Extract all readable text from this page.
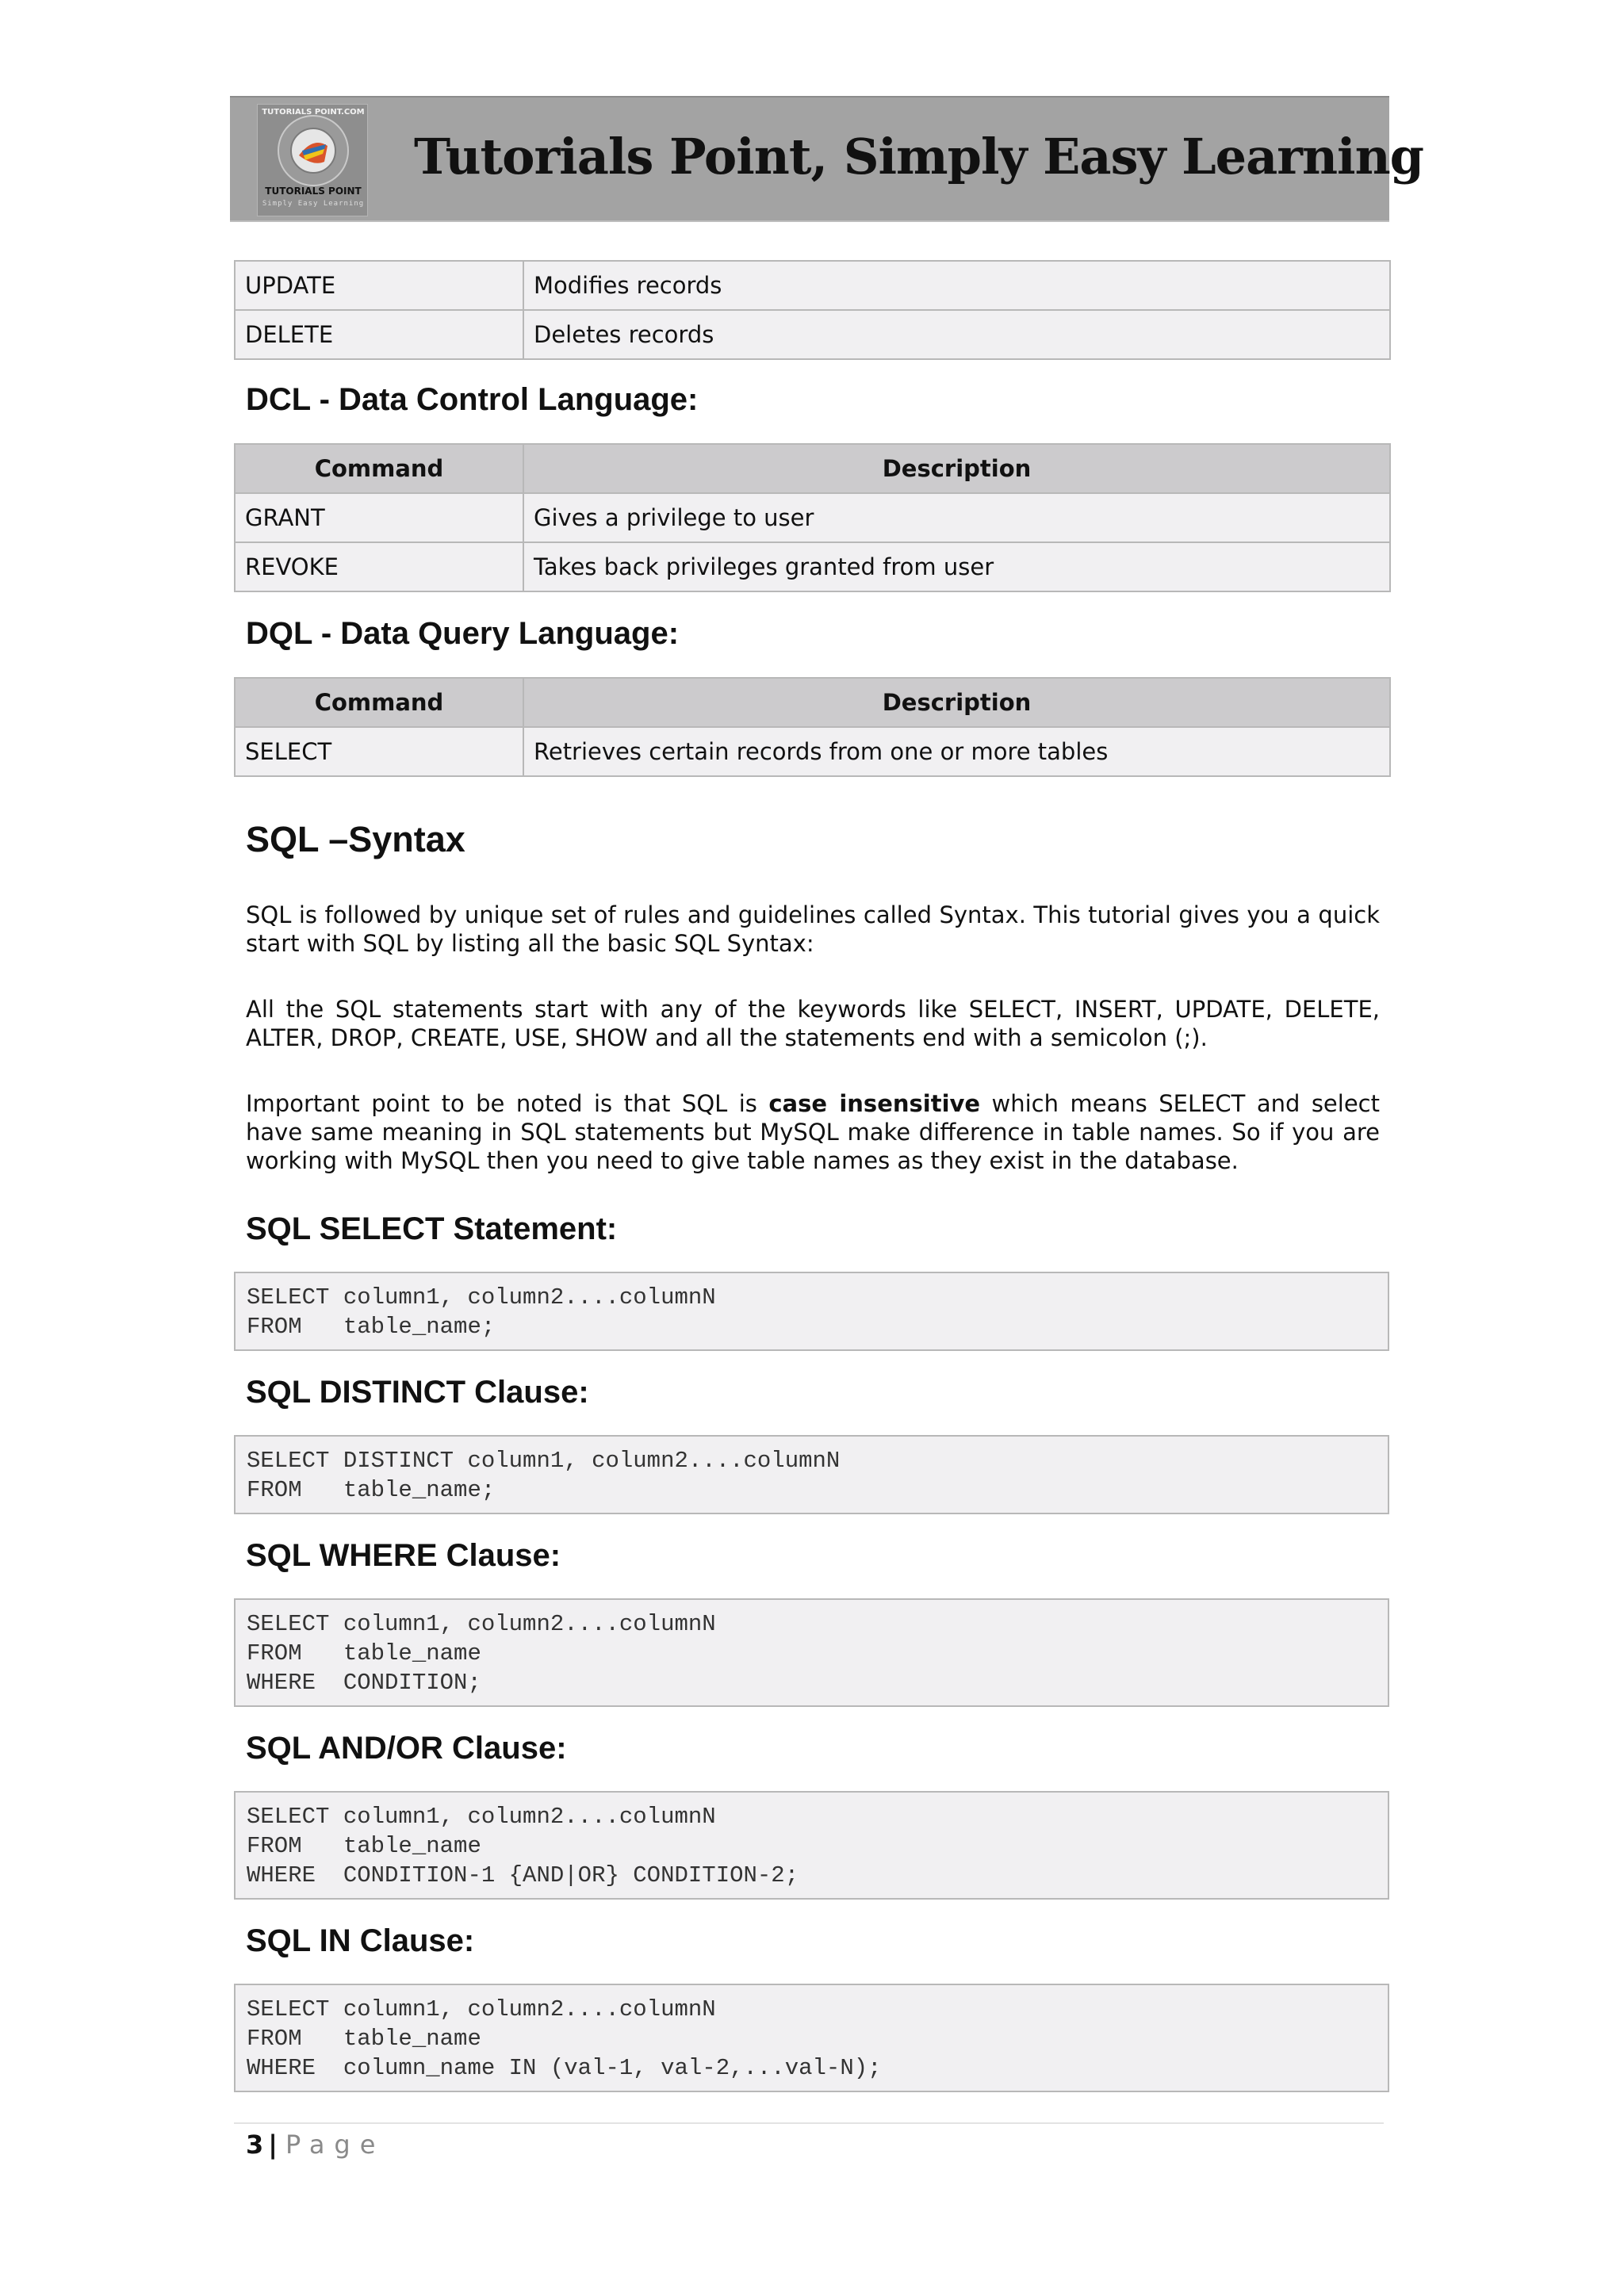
TUTORIALS POINT.COM
TUTORIALS POINT
Simply Easy Learning
Tutorials Point, Simply Easy Learning
UPDATE	Modifies records
DELETE	Deletes records
DCL - Data Control Language:
Command	Description
GRANT	Gives a privilege to user
REVOKE	Takes back privileges granted from user
DQL - Data Query Language:
Command	Description
SELECT	Retrieves certain records from one or more tables
SQL –Syntax

SQL is followed by unique set of rules and guidelines called Syntax. This tutorial gives you a quick start with SQL by listing all the basic SQL Syntax:

All the SQL statements start with any of the keywords like SELECT, INSERT, UPDATE, DELETE, ALTER, DROP, CREATE, USE, SHOW and all the statements end with a semicolon (;).

Important point to be noted is that SQL is case insensitive which means SELECT and select have same meaning in SQL statements but MySQL make difference in table names. So if you are working with MySQL then you need to give table names as they exist in the database.

SQL SELECT Statement:
SELECT column1, column2....columnN
FROM   table_name;
SQL DISTINCT Clause:
SELECT DISTINCT column1, column2....columnN
FROM   table_name;
SQL WHERE Clause:
SELECT column1, column2....columnN
FROM   table_name
WHERE  CONDITION;
SQL AND/OR Clause:
SELECT column1, column2....columnN
FROM   table_name
WHERE  CONDITION-1 {AND|OR} CONDITION-2;
SQL IN Clause:
SELECT column1, column2....columnN
FROM   table_name
WHERE  column_name IN (val-1, val-2,...val-N);
3 | Page
